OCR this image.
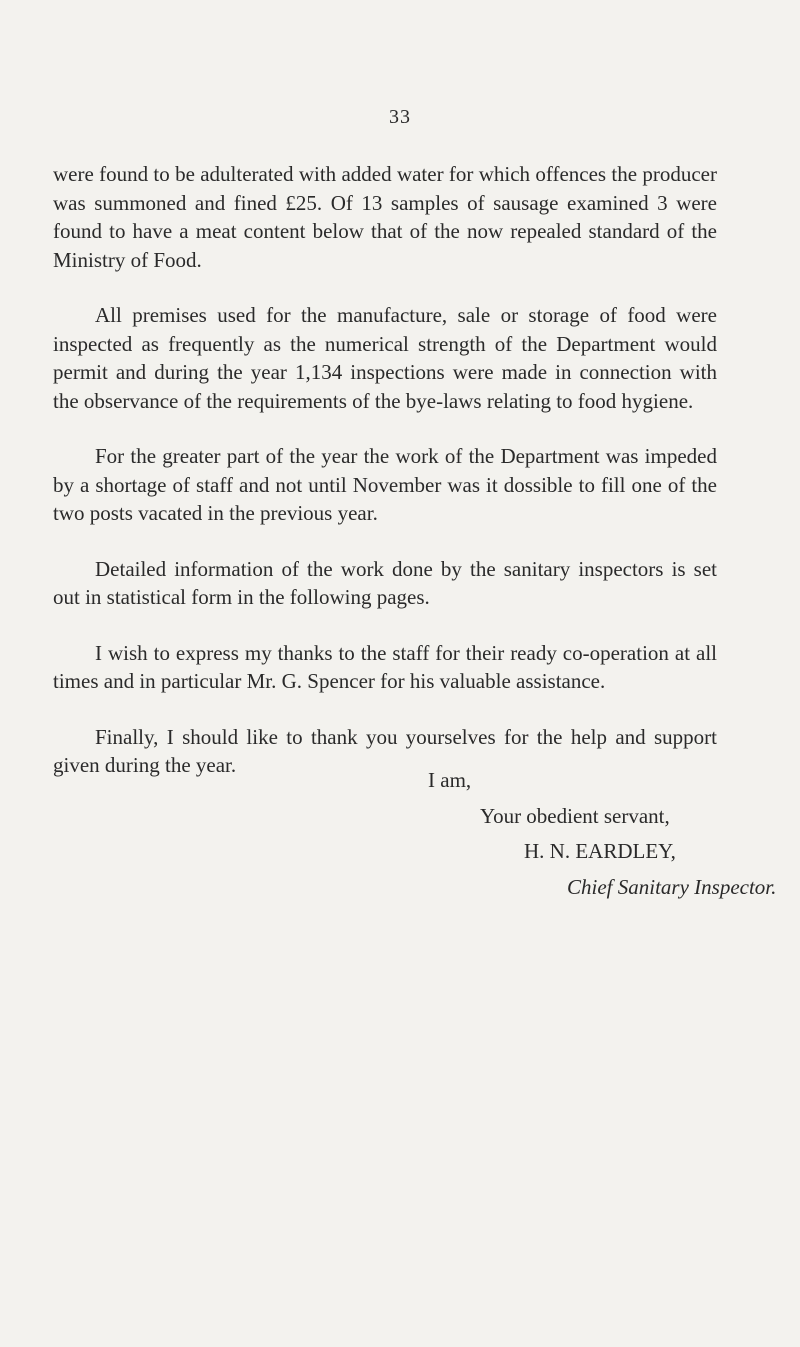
33

were found to be adulterated with added water for which offences the producer was summoned and fined £25. Of 13 samples of sausage examined 3 were found to have a meat content below that of the now repealed standard of the Ministry of Food.

All premises used for the manufacture, sale or storage of food were inspected as frequently as the numerical strength of the Department would permit and during the year 1,134 inspections were made in connection with the observance of the requirements of the bye-laws relating to food hygiene.

For the greater part of the year the work of the Department was impeded by a shortage of staff and not until November was it dossible to fill one of the two posts vacated in the previous year.

Detailed information of the work done by the sanitary inspectors is set out in statistical form in the following pages.

I wish to express my thanks to the staff for their ready co-operation at all times and in particular Mr. G. Spencer for his valuable assistance.

Finally, I should like to thank you yourselves for the help and support given during the year.

I am,
Your obedient servant,
H. N. EARDLEY,
Chief Sanitary Inspector.
